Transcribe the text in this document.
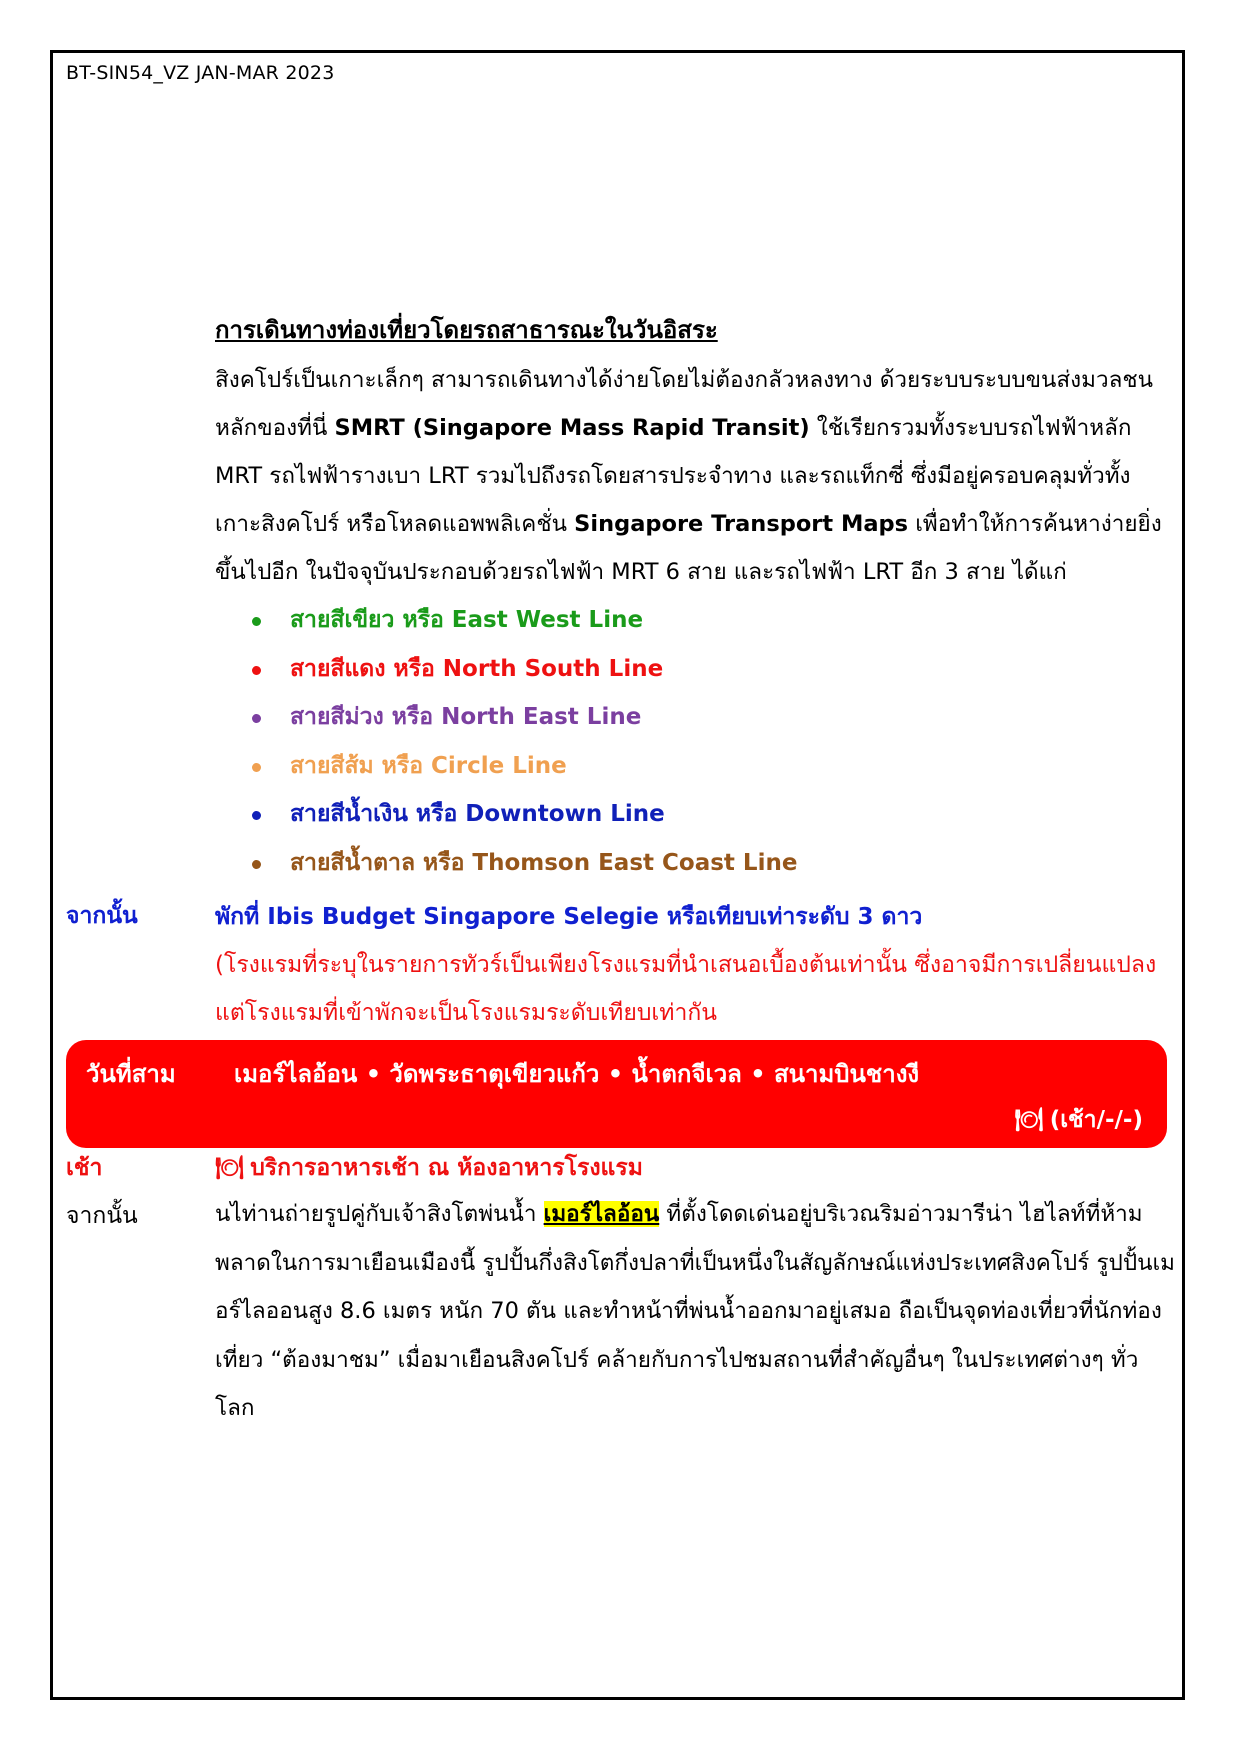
BT-SIN54_VZ JAN-MAR 2023
การเดินทางท่องเที่ยวโดยรถสาธารณะในวันอิสระ
สิงคโปร์เป็นเกาะเล็กๆ สามารถเดินทางได้ง่ายโดยไม่ต้องกลัวหลงทาง ด้วยระบบระบบขนส่งมวลชนหลักของที่นี่ SMRT (Singapore Mass Rapid Transit) ใช้เรียกรวมทั้งระบบรถไฟฟ้าหลัก MRT รถไฟฟ้ารางเบา LRT รวมไปถึงรถโดยสารประจำทาง และรถแท็กซี่ ซึ่งมีอยู่ครอบคลุมทั่วทั้งเกาะสิงคโปร์ หรือโหลดแอพพลิเคชั่น Singapore Transport Maps เพื่อทำให้การค้นหาง่ายยิ่งขึ้นไปอีก ในปัจจุบันประกอบด้วยรถไฟฟ้า MRT 6 สาย และรถไฟฟ้า LRT อีก 3 สาย ได้แก่
สายสีเขียว หรือ East West Line
สายสีแดง หรือ North South Line
สายสีม่วง หรือ North East Line
สายสีส้ม หรือ Circle Line
สายสีน้ำเงิน หรือ Downtown Line
สายสีน้ำตาล หรือ Thomson East Coast Line
จากนั้น	พักที่ Ibis Budget Singapore Selegie หรือเทียบเท่าระดับ 3 ดาว
(โรงแรมที่ระบุในรายการทัวร์เป็นเพียงโรงแรมที่นำเสนอเบื้องต้นเท่านั้น ซึ่งอาจมีการเปลี่ยนแปลงแต่โรงแรมที่เข้าพักจะเป็นโรงแรมระดับเทียบเท่ากัน
วันที่สาม เมอร์ไลอ้อน • วัดพระธาตุเขียวแก้ว • น้ำตกจีเวล • สนามบินชางงี
🍽 (เช้า/-/-)
เช้า	🍽 บริการอาหารเช้า ณ ห้องอาหารโรงแรม
จากนั้น	นไท่านถ่ายรูปคู่กับเจ้าสิงโตพ่นน้ำ เมอร์ไลอ้อน ที่ตั้งโดดเด่นอยู่บริเวณริมอ่าวมารีน่า ไฮไลท์ที่ห้ามพลาดในการมาเยือนเมืองนี้ รูปปั้นกึ่งสิงโตกึ่งปลาที่เป็นหนึ่งในสัญลักษณ์แห่งประเทศสิงคโปร์ รูปปั้นเมอร์ไลออนสูง 8.6 เมตร หนัก 70 ตัน และทำหน้าที่พ่นน้ำออกมาอยู่เสมอ ถือเป็นจุดท่องเที่ยวที่นักท่องเที่ยว “ต้องมาชม” เมื่อมาเยือนสิงคโปร์ คล้ายกับการไปชมสถานที่สำคัญอื่นๆ ในประเทศต่างๆ ทั่วโลก
